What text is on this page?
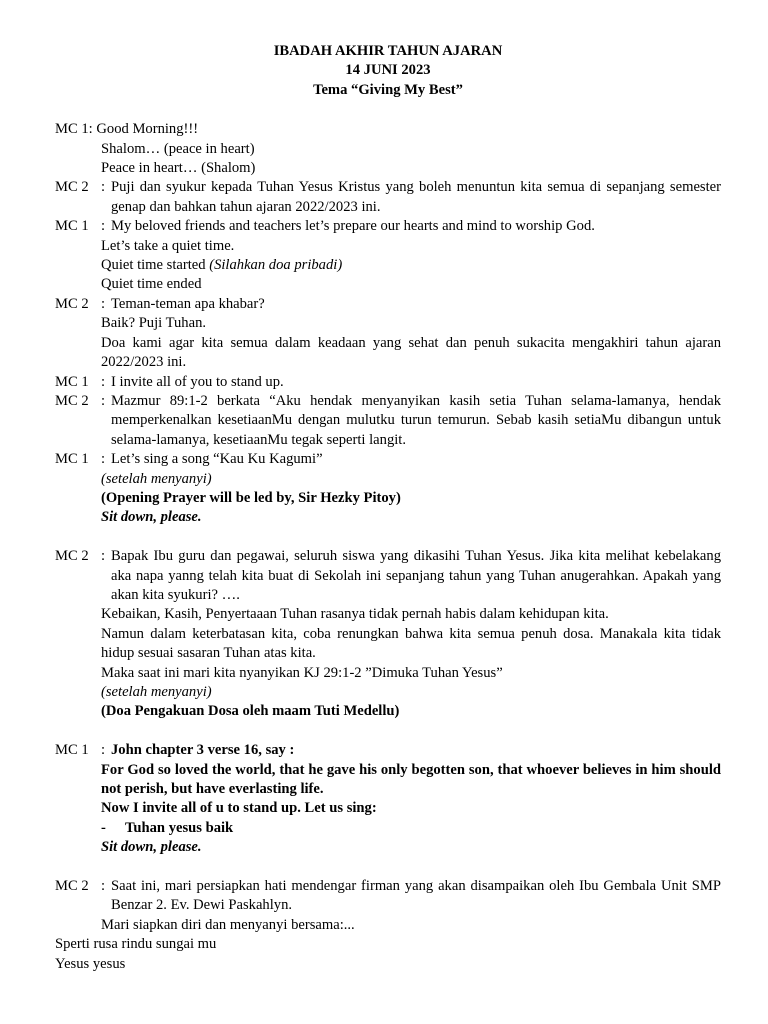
IBADAH AKHIR TAHUN AJARAN
14 JUNI 2023
Tema “Giving My Best”
MC 1: Good Morning!!!
Shalom… (peace in heart)
Peace in heart… (Shalom)
MC 2 : Puji dan syukur kepada Tuhan Yesus Kristus yang boleh menuntun kita semua di sepanjang semester genap dan bahkan tahun ajaran 2022/2023 ini.
MC 1 : My beloved friends and teachers let’s prepare our hearts and mind to worship God.
Let’s take a quiet time.
Quiet time started (Silahkan doa pribadi)
Quiet time ended
MC 2 : Teman-teman apa khabar?
Baik? Puji Tuhan.
Doa kami agar kita semua dalam keadaan yang sehat dan penuh sukacita mengakhiri tahun ajaran 2022/2023 ini.
MC 1 : I invite all of you to stand up.
MC 2 : Mazmur 89:1-2 berkata “Aku hendak menyanyikan kasih setia Tuhan selama-lamanya, hendak memperkenalkan kesetiaanMu dengan mulutku turun temurun. Sebab kasih setiaMu dibangun untuk selama-lamanya, kesetiaanMu tegak seperti langit.
MC 1 : Let’s sing a song “Kau Ku Kagumi”
(setelah menyanyi)
(Opening Prayer will be led by, Sir Hezky Pitoy)
Sit down, please.
MC 2 : Bapak Ibu guru dan pegawai, seluruh siswa yang dikasihi Tuhan Yesus. Jika kita melihat kebelakang aka napa yanng telah kita buat di Sekolah ini sepanjang tahun yang Tuhan anugerahkan. Apakah yang akan kita syukuri? ….
Kebaikan, Kasih, Penyertaaan Tuhan rasanya tidak pernah habis dalam kehidupan kita.
Namun dalam keterbatasan kita, coba renungkan bahwa kita semua penuh dosa. Manakala kita tidak hidup sesuai sasaran Tuhan atas kita.
Maka saat ini mari kita nyanyikan KJ 29:1-2 ”Dimuka Tuhan Yesus”
(setelah menyanyi)
(Doa Pengakuan Dosa oleh maam Tuti Medellu)
MC 1 : John chapter 3 verse 16, say :
For God so loved the world, that he gave his only begotten son, that whoever believes in him should not perish, but have everlasting life.
Now I invite all of u to stand up. Let us sing:
-	Tuhan yesus baik
Sit down, please.
MC 2 : Saat ini, mari persiapkan hati mendengar firman yang akan disampaikan oleh Ibu Gembala Unit SMP Benzar 2. Ev. Dewi Paskahlyn.
Mari siapkan diri dan menyanyi bersama:...
Sperti rusa rindu sungai mu
Yesus yesus
